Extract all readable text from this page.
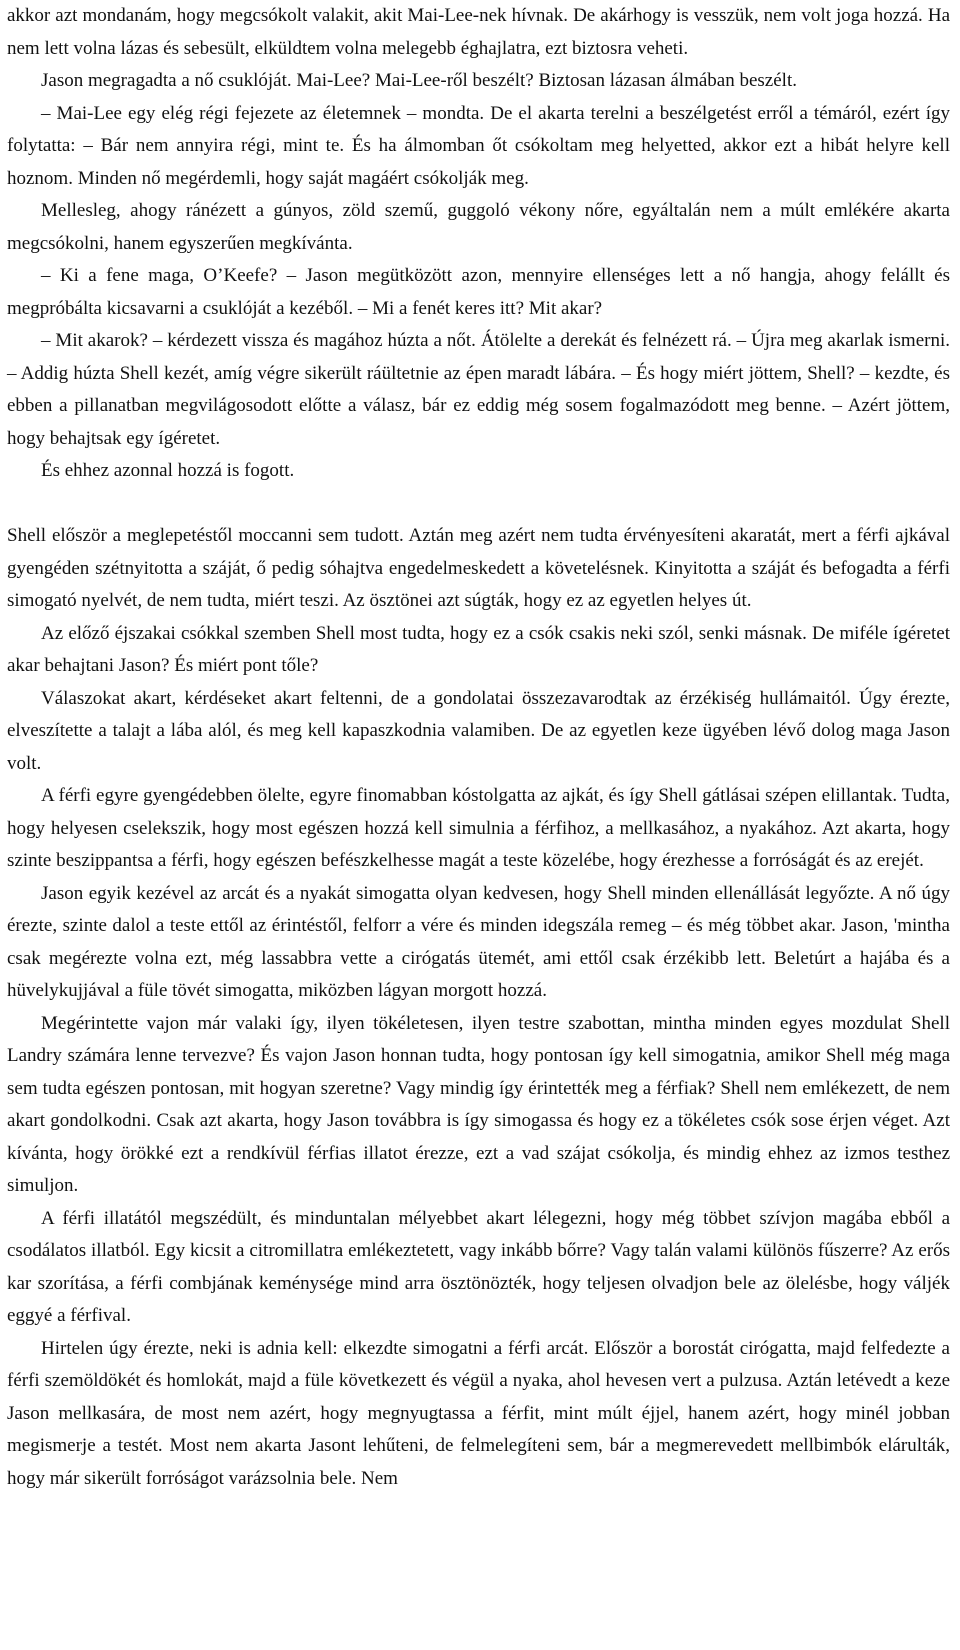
akkor azt mondanám, hogy megcsókolt valakit, akit Mai-Lee-nek hívnak. De akárhogy is vesszük, nem volt joga hozzá. Ha nem lett volna lázas és sebesült, elküldtem volna melegebb éghajlatra, ezt biztosra veheti.

Jason megragadta a nő csuklóját. Mai-Lee? Mai-Lee-ről beszélt? Biztosan lázasan álmában beszélt.

– Mai-Lee egy elég régi fejezete az életemnek – mondta. De el akarta terelni a beszélgetést erről a témáról, ezért így folytatta: – Bár nem annyira régi, mint te. És ha álmomban őt csókoltam meg helyetted, akkor ezt a hibát helyre kell hoznom. Minden nő megérdemli, hogy saját magáért csókolják meg.

Mellesleg, ahogy ránézett a gúnyos, zöld szemű, guggoló vékony nőre, egyáltalán nem a múlt emlékére akarta megcsókolni, hanem egyszerűen megkívánta.

– Ki a fene maga, O’Keefe? – Jason megütközött azon, mennyire ellenséges lett a nő hangja, ahogy felállt és megpróbálta kicsavarni a csuklóját a kezéből. – Mi a fenét keres itt? Mit akar?

– Mit akarok? – kérdezett vissza és magához húzta a nőt. Átölelte a derekát és felnézett rá. – Újra meg akarlak ismerni. – Addig húzta Shell kezét, amíg végre sikerült ráültetnie az épen maradt lábára. – És hogy miért jöttem, Shell? – kezdte, és ebben a pillanatban megvilágosodott előtte a válasz, bár ez eddig még sosem fogalmazódott meg benne. – Azért jöttem, hogy behajtsak egy ígéretet.

És ehhez azonnal hozzá is fogott.

Shell először a meglepetéstől moccanni sem tudott. Aztán meg azért nem tudta érvényesíteni akaratát, mert a férfi ajkával gyengéden szétnyitotta a száját, ő pedig sóhajtva engedelmeskedett a követelésnek. Kinyitotta a száját és befogadta a férfi simogató nyelvét, de nem tudta, miért teszi. Az ösztönei azt súgták, hogy ez az egyetlen helyes út.

Az előző éjszakai csókkal szemben Shell most tudta, hogy ez a csók csakis neki szól, senki másnak. De miféle ígéretet akar behajtani Jason? És miért pont tőle?

Válaszokat akart, kérdéseket akart feltenni, de a gondolatai összezavarodtak az érzékiség hullámaitól. Úgy érezte, elveszítette a talajt a lába alól, és meg kell kapaszkodnia valamiben. De az egyetlen keze ügyében lévő dolog maga Jason volt.

A férfi egyre gyengédebben ölelte, egyre finomabban kóstolgatta az ajkát, és így Shell gátlásai szépen elillantak. Tudta, hogy helyesen cselekszik, hogy most egészen hozzá kell simulnia a férfihoz, a mellkasához, a nyakához. Azt akarta, hogy szinte beszippantsa a férfi, hogy egészen befészkelhesse magát a teste közelébe, hogy érezhesse a forróságát és az erejét.

Jason egyik kezével az arcát és a nyakát simogatta olyan kedvesen, hogy Shell minden ellenállását legyőzte. A nő úgy érezte, szinte dalol a teste ettől az érintéstől, felforr a vére és minden idegszála remeg – és még többet akar. Jason, 'mintha csak megérezte volna ezt, még lassabbra vette a cirógatás ütemét, ami ettől csak érzékibb lett. Beletúrt a hajába és a hüvelykujjával a füle tövét simogatta, miközben lágyan morgott hozzá.

Megérintette vajon már valaki így, ilyen tökéletesen, ilyen testre szabottan, mintha minden egyes mozdulat Shell Landry számára lenne tervezve? És vajon Jason honnan tudta, hogy pontosan így kell simogatnia, amikor Shell még maga sem tudta egészen pontosan, mit hogyan szeretne? Vagy mindig így érintették meg a férfiak? Shell nem emlékezett, de nem akart gondolkodni. Csak azt akarta, hogy Jason továbbra is így simogassa és hogy ez a tökéletes csók sose érjen véget. Azt kívánta, hogy örökké ezt a rendkívül férfias illatot érezze, ezt a vad szájat csókolja, és mindig ehhez az izmos testhez simuljon.

A férfi illatától megszédült, és minduntalan mélyebbet akart lélegezni, hogy még többet szívjon magába ebből a csodálatos illatból. Egy kicsit a citromillatra emlékeztetett, vagy inkább bőrre? Vagy talán valami különös fűszerre? Az erős kar szorítása, a férfi combjának keménysége mind arra ösztönözték, hogy teljesen olvadjon bele az ölelésbe, hogy váljék eggyé a férfival.

Hirtelen úgy érezte, neki is adnia kell: elkezdte simogatni a férfi arcát. Először a borostát cirógatta, majd felfedezte a férfi szemöldökét és homlokát, majd a füle következett és végül a nyaka, ahol hevesen vert a pulzusa. Aztán letévedt a keze Jason mellkasára, de most nem azért, hogy megnyugtassa a férfit, mint múlt éjjel, hanem azért, hogy minél jobban megismerje a testét. Most nem akarta Jasont lehűteni, de felmelegíteni sem, bár a megmerevedett mellbimbók elárulták, hogy már sikerült forróságot varázsolnia bele. Nem
